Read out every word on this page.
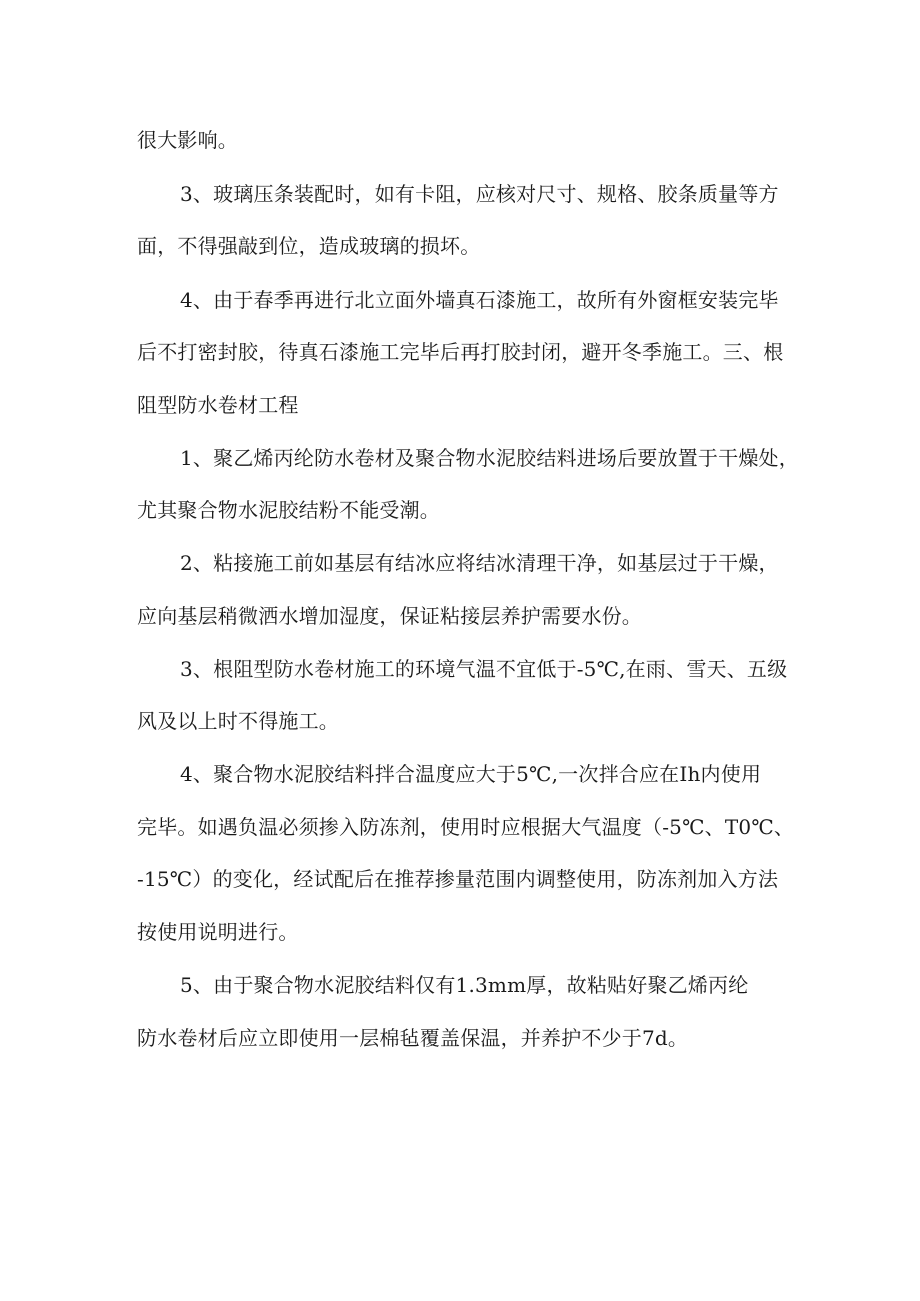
很大影响。
3、玻璃压条装配时，如有卡阻，应核对尺寸、规格、胶条质量等方
面，不得强敲到位，造成玻璃的损坏。
4、由于春季再进行北立面外墙真石漆施工，故所有外窗框安装完毕
后不打密封胶，待真石漆施工完毕后再打胶封闭，避开冬季施工。三、根
阻型防水卷材工程
1、聚乙烯丙纶防水卷材及聚合物水泥胶结料进场后要放置于干燥处，
尤其聚合物水泥胶结粉不能受潮。
2、粘接施工前如基层有结冰应将结冰清理干净，如基层过于干燥，
应向基层稍微洒水增加湿度，保证粘接层养护需要水份。
3、根阻型防水卷材施工的环境气温不宜低于-5℃,在雨、雪天、五级
风及以上时不得施工。
4、聚合物水泥胶结料拌合温度应大于5℃,一次拌合应在Ih内使用
完毕。如遇负温必须掺入防冻剂，使用时应根据大气温度（-5℃、T0℃、
-15℃）的变化，经试配后在推荐掺量范围内调整使用，防冻剂加入方法
按使用说明进行。
5、由于聚合物水泥胶结料仅有1.3mm厚，故粘贴好聚乙烯丙纶
防水卷材后应立即使用一层棉毡覆盖保温，并养护不少于7d。
